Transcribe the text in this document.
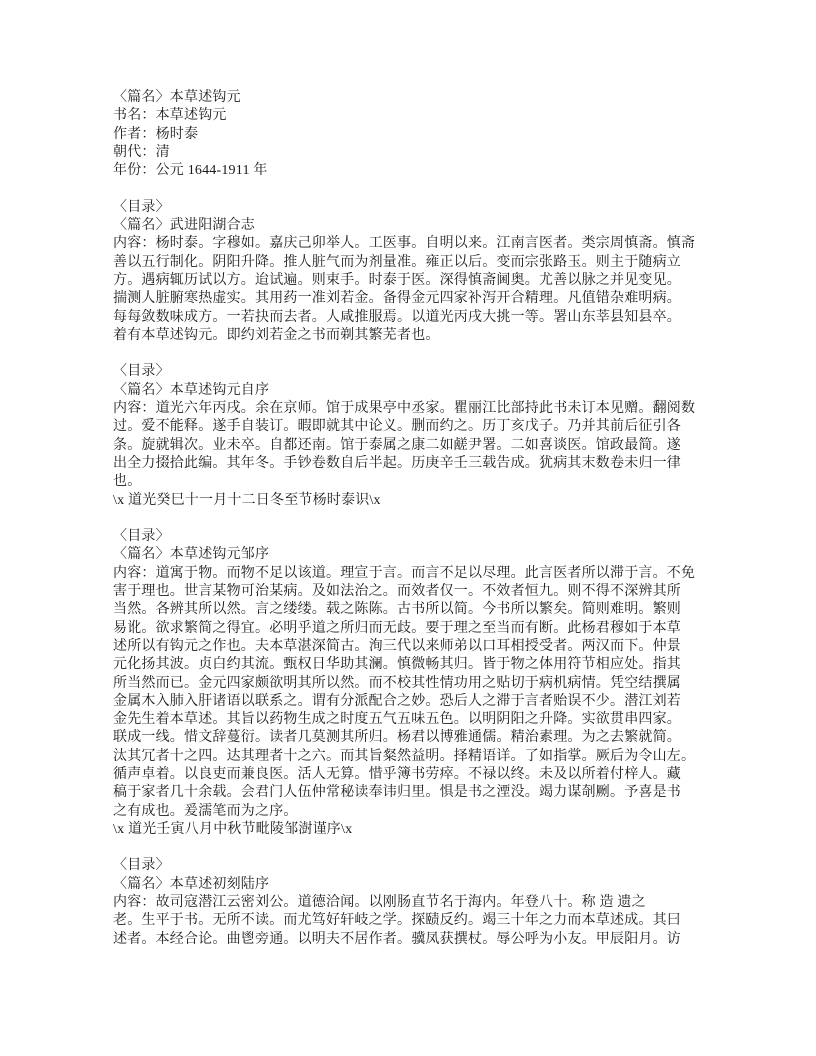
〈篇名〉本草述钩元
书名：本草述钩元
作者：杨时泰
朝代：清
年份：公元 1644-1911 年
〈目录〉
〈篇名〉武进阳湖合志
内容：杨时泰。字穆如。嘉庆己卯举人。工医事。自明以来。江南言医者。类宗周慎斋。慎斋
善以五行制化。阴阳升降。推人脏气而为剂量准。雍正以后。变而宗张路玉。则主于随病立
方。遇病辄历试以方。迨试遍。则束手。时泰于医。深得慎斋阃奥。尤善以脉之并见变见。
揣测人脏腑寒热虚实。其用药一准刘若金。备得金元四家补泻开合精理。凡值错杂难明病。
每每敛数味成方。一若抉而去者。人咸推服焉。以道光丙戌大挑一等。署山东莘县知县卒。
着有本草述钩元。即约刘若金之书而剃其繁芜者也。
〈目录〉
〈篇名〉本草述钩元自序
内容：道光六年丙戌。余在京师。馆于成果亭中丞家。瞿丽江比部持此书未订本见赠。翻阅数
过。爱不能释。遂手自装订。暇即就其中论义。删而约之。历丁亥戊子。乃并其前后征引各
条。旋就辑次。业未卒。自都还南。馆于泰属之康二如鹾尹署。二如喜谈医。馆政最简。遂
出全力掇拾此编。其年冬。手钞卷数自后半起。历庚辛壬三载告成。犹病其末数卷未归一律
也。
\x 道光癸巳十一月十二日冬至节杨时泰识\x
〈目录〉
〈篇名〉本草述钩元邹序
内容：道寓于物。而物不足以该道。理宣于言。而言不足以尽理。此言医者所以滞于言。不免
害于理也。世言某物可治某病。及如法治之。而效者仅一。不效者恒九。则不得不深辨其所
当然。各辨其所以然。言之缕缕。载之陈陈。古书所以简。今书所以繁矣。简则难明。繁则
易讹。欲求繁简之得宜。必明乎道之所归而无歧。要于理之至当而有断。此杨君穆如于本草
述所以有钩元之作也。夫本草湛深简古。洵三代以来师弟以口耳相授受者。两汉而下。仲景
元化扬其波。贞白约其流。甄权日华助其澜。慎微畅其归。皆于物之体用符节相应处。指其
所当然而已。金元四家颇欲明其所以然。而不校其性情功用之贴切于病机病情。凭空结撰属
金属木入肺入肝诸语以联系之。谓有分派配合之妙。恐后人之滞于言者贻误不少。潜江刘若
金先生着本草述。其旨以药物生成之时度五气五味五色。以明阴阳之升降。实欲贯串四家。
联成一线。惜文辞蔓衍。读者几莫测其所归。杨君以博雅通儒。精治素理。为之去繁就简。
汰其冗者十之四。达其理者十之六。而其旨粲然益明。择精语详。了如指掌。厥后为令山左。
循声卓着。以良吏而兼良医。活人无算。惜乎簿书劳瘁。不禄以终。未及以所着付梓人。藏
稿于家者几十余载。会君门人伍仲常秘读奉讳归里。惧是书之湮没。竭力谋剞劂。予喜是书
之有成也。爰濡笔而为之序。
\x 道光壬寅八月中秋节毗陵邹澍谨序\x
〈目录〉
〈篇名〉本草述初刻陆序
内容：故司寇潜江云密刘公。道德洽闻。以刚肠直节名于海内。年登八十。称 造 遗之
老。生平于书。无所不读。而尤笃好轩岐之学。探赜反约。竭三十年之力而本草述成。其曰
述者。本经合论。曲鬯旁通。以明夫不居作者。骥凤获撰杖。辱公呼为小友。甲辰阳月。访
